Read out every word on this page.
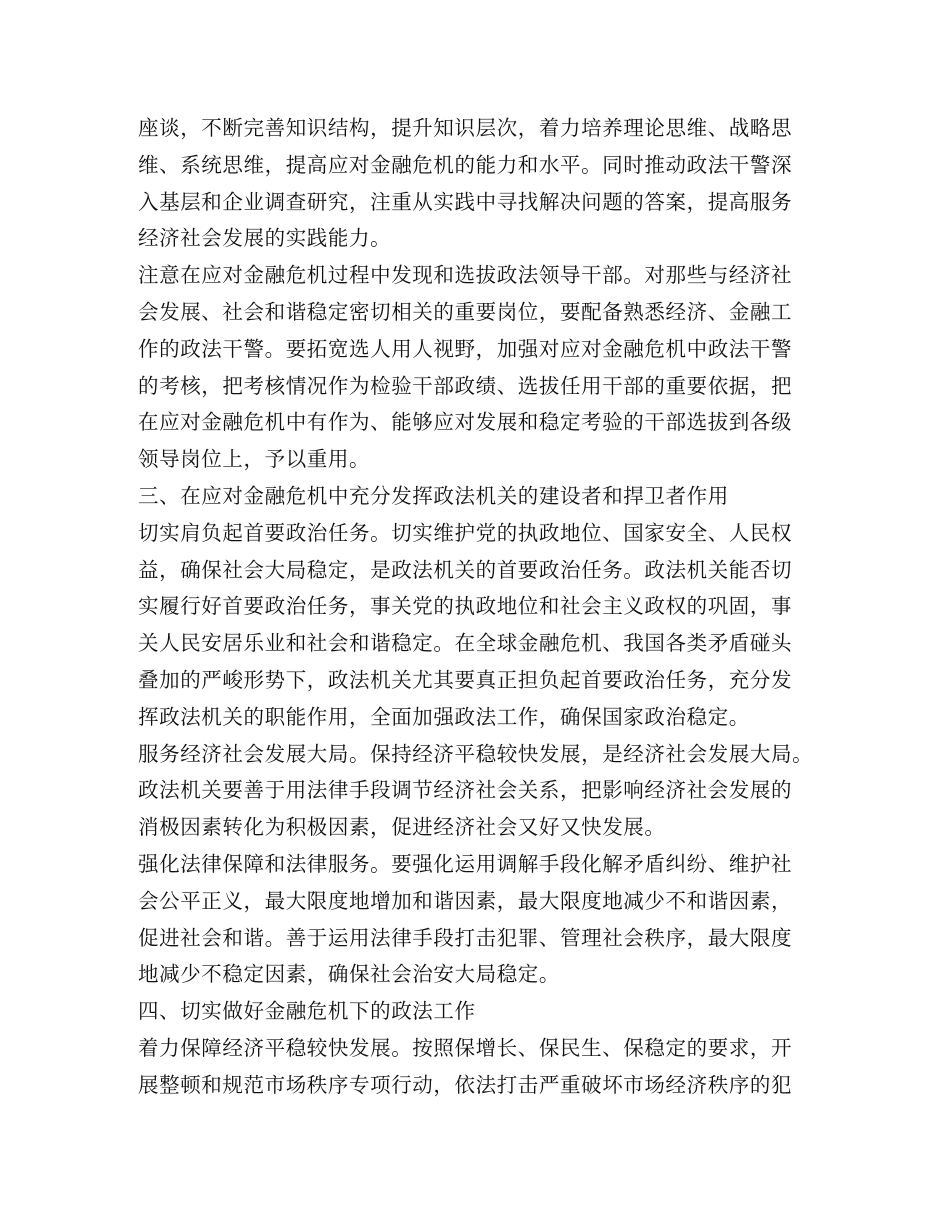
座谈，不断完善知识结构，提升知识层次，着力培养理论思维、战略思
维、系统思维，提高应对金融危机的能力和水平。同时推动政法干警深
入基层和企业调查研究，注重从实践中寻找解决问题的答案，提高服务
经济社会发展的实践能力。
注意在应对金融危机过程中发现和选拔政法领导干部。对那些与经济社
会发展、社会和谐稳定密切相关的重要岗位，要配备熟悉经济、金融工
作的政法干警。要拓宽选人用人视野，加强对应对金融危机中政法干警
的考核，把考核情况作为检验干部政绩、选拔任用干部的重要依据，把
在应对金融危机中有作为、能够应对发展和稳定考验的干部选拔到各级
领导岗位上，予以重用。
三、在应对金融危机中充分发挥政法机关的建设者和捍卫者作用
切实肩负起首要政治任务。切实维护党的执政地位、国家安全、人民权
益，确保社会大局稳定，是政法机关的首要政治任务。政法机关能否切
实履行好首要政治任务，事关党的执政地位和社会主义政权的巩固，事
关人民安居乐业和社会和谐稳定。在全球金融危机、我国各类矛盾碰头
叠加的严峻形势下，政法机关尤其要真正担负起首要政治任务，充分发
挥政法机关的职能作用，全面加强政法工作，确保国家政治稳定。
服务经济社会发展大局。保持经济平稳较快发展，是经济社会发展大局。
政法机关要善于用法律手段调节经济社会关系，把影响经济社会发展的
消极因素转化为积极因素，促进经济社会又好又快发展。
强化法律保障和法律服务。要强化运用调解手段化解矛盾纠纷、维护社
会公平正义，最大限度地增加和谐因素，最大限度地减少不和谐因素，
促进社会和谐。善于运用法律手段打击犯罪、管理社会秩序，最大限度
地减少不稳定因素，确保社会治安大局稳定。
四、切实做好金融危机下的政法工作
着力保障经济平稳较快发展。按照保增长、保民生、保稳定的要求，开
展整顿和规范市场秩序专项行动，依法打击严重破坏市场经济秩序的犯
